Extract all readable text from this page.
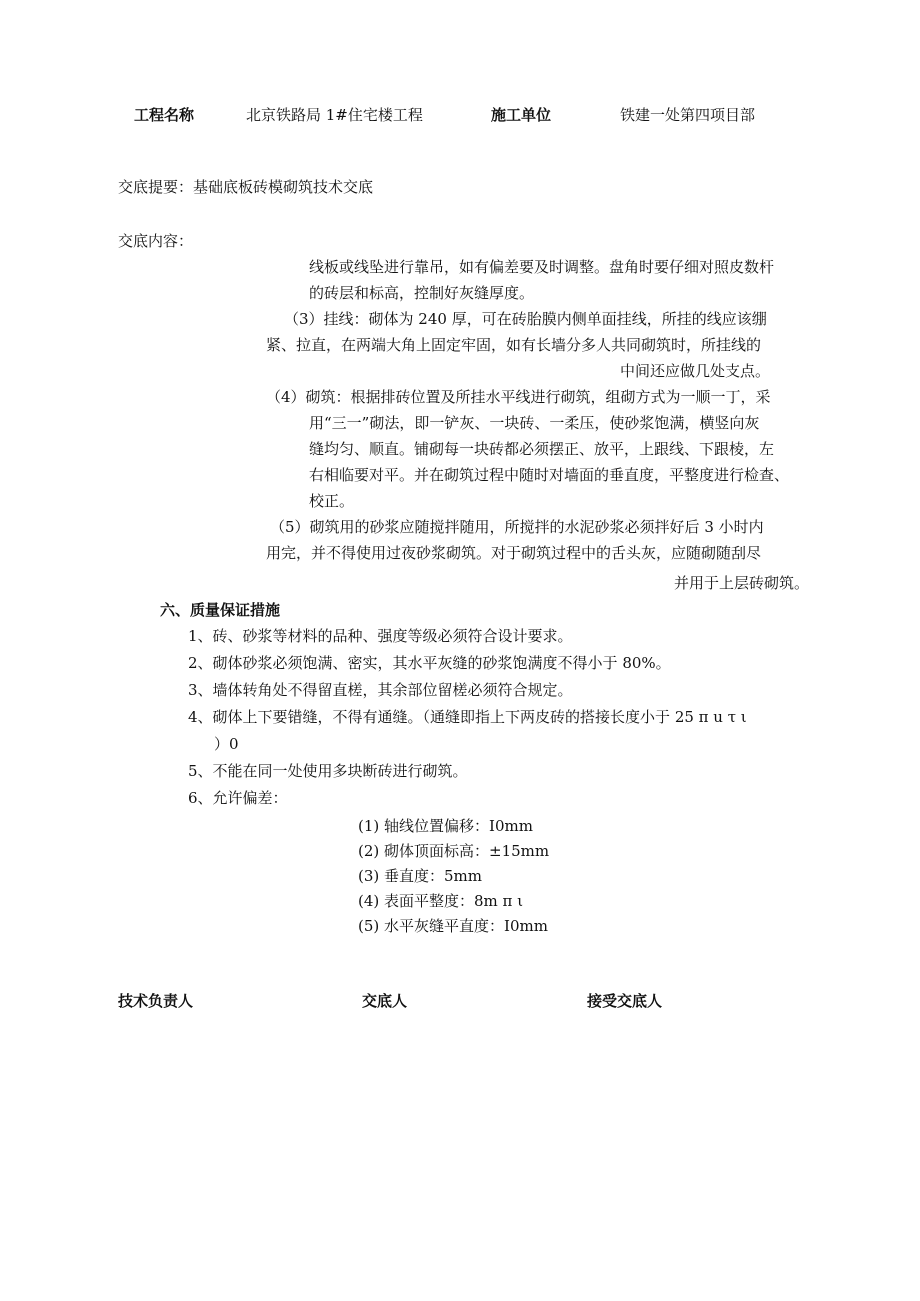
工程名称	北京铁路局 1#住宅楼工程	施工单位	铁建一处第四项目部
交底提要：基础底板砖模砌筑技术交底
交底内容：
线板或线坠进行靠吊，如有偏差要及时调整。盘角时要仔细对照皮数杆
的砖层和标高，控制好灰缝厚度。
（3）挂线：砌体为 240 厚，可在砖胎膜内侧单面挂线，所挂的线应该绷
紧、拉直，在两端大角上固定牢固，如有长墙分多人共同砌筑时，所挂线的
中间还应做几处支点。
（4）砌筑：根据排砖位置及所挂水平线进行砌筑，组砌方式为一顺一丁，采
用“三一”砌法，即一铲灰、一块砖、一柔压，使砂浆饱满，横竖向灰
缝均匀、顺直。铺砌每一块砖都必须摆正、放平，上跟线、下跟棱，左
右相临要对平。并在砌筑过程中随时对墙面的垂直度，平整度进行检查、
校正。
（5）砌筑用的砂浆应随搅拌随用，所搅拌的水泥砂浆必须拌好后 3 小时内
用完，并不得使用过夜砂浆砌筑。对于砌筑过程中的舌头灰，应随砌随刮尽
并用于上层砖砌筑。
六、质量保证措施
1、砖、砂浆等材料的品种、强度等级必须符合设计要求。
2、砌体砂浆必须饱满、密实，其水平灰缝的砂浆饱满度不得小于 80%。
3、墙体转角处不得留直槎，其余部位留槎必须符合规定。
4、砌体上下要错缝，不得有通缝。（通缝即指上下两皮砖的搭接长度小于 25 π u τ ι
）0
5、不能在同一处使用多块断砖进行砌筑。
6、允许偏差：
(1) 轴线位置偏移：I0mm
(2) 砌体顶面标高：±15mm
(3) 垂直度：5mm
(4) 表面平整度：8m π ι
(5) 水平灰缝平直度：I0mm
技术负责人	交底人	接受交底人
